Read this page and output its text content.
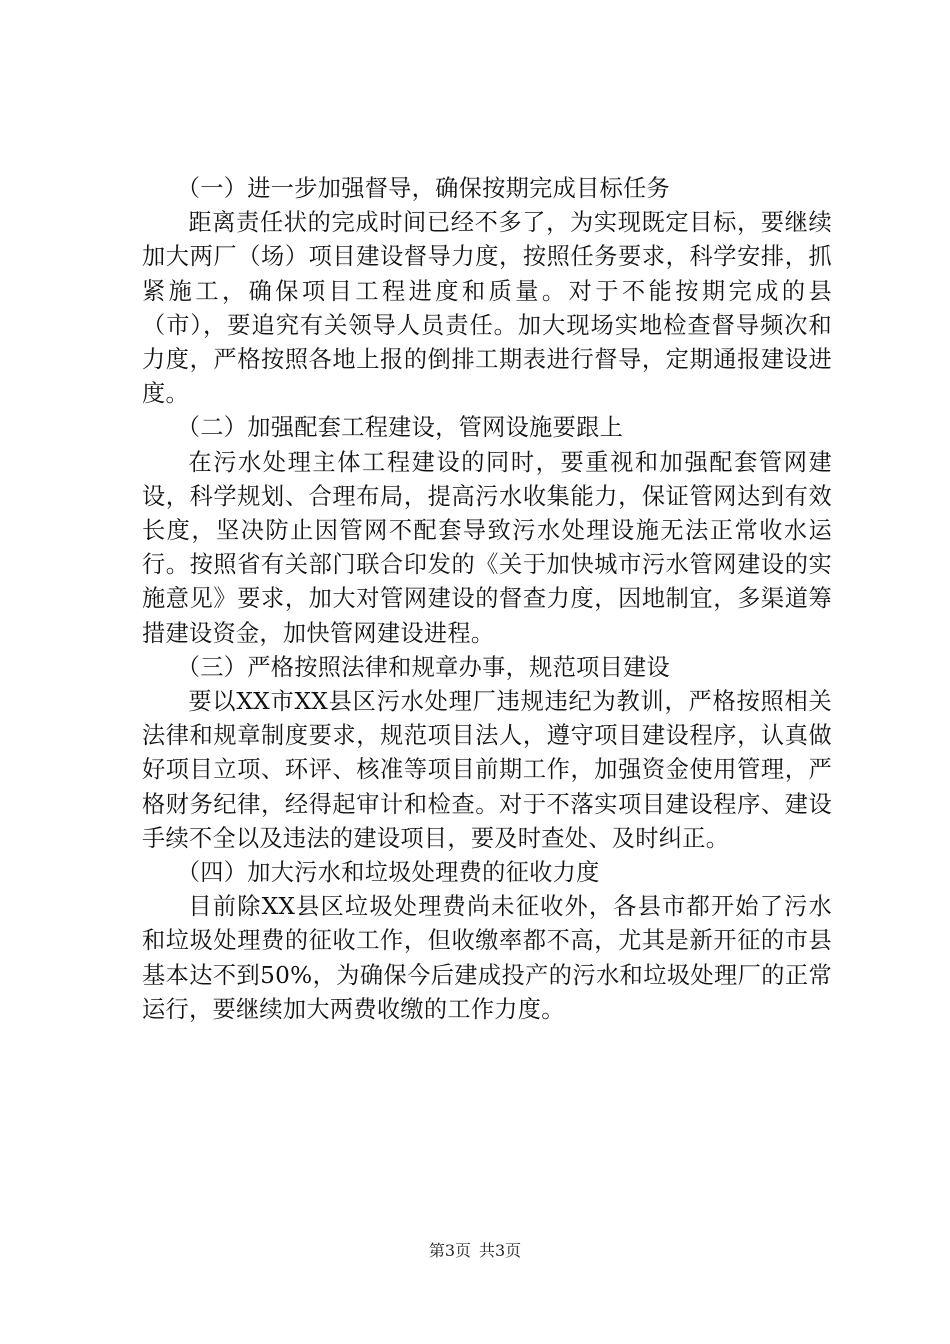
（一）进一步加强督导，确保按期完成目标任务

距离责任状的完成时间已经不多了，为实现既定目标，要继续加大两厂（场）项目建设督导力度，按照任务要求，科学安排，抓紧施工，确保项目工程进度和质量。对于不能按期完成的县（市），要追究有关领导人员责任。加大现场实地检查督导频次和力度，严格按照各地上报的倒排工期表进行督导，定期通报建设进度。

（二）加强配套工程建设，管网设施要跟上

在污水处理主体工程建设的同时，要重视和加强配套管网建设，科学规划、合理布局，提高污水收集能力，保证管网达到有效长度，坚决防止因管网不配套导致污水处理设施无法正常收水运行。按照省有关部门联合印发的《关于加快城市污水管网建设的实施意见》要求，加大对管网建设的督查力度，因地制宜，多渠道筹措建设资金，加快管网建设进程。

（三）严格按照法律和规章办事，规范项目建设

要以XX市XX县区污水处理厂违规违纪为教训，严格按照相关法律和规章制度要求，规范项目法人，遵守项目建设程序，认真做好项目立项、环评、核准等项目前期工作，加强资金使用管理，严格财务纪律，经得起审计和检查。对于不落实项目建设程序、建设手续不全以及违法的建设项目，要及时查处、及时纠正。

（四）加大污水和垃圾处理费的征收力度

目前除XX县区垃圾处理费尚未征收外，各县市都开始了污水和垃圾处理费的征收工作，但收缴率都不高，尤其是新开征的市县基本达不到50%，为确保今后建成投产的污水和垃圾处理厂的正常运行，要继续加大两费收缴的工作力度。

第3页 共3页
